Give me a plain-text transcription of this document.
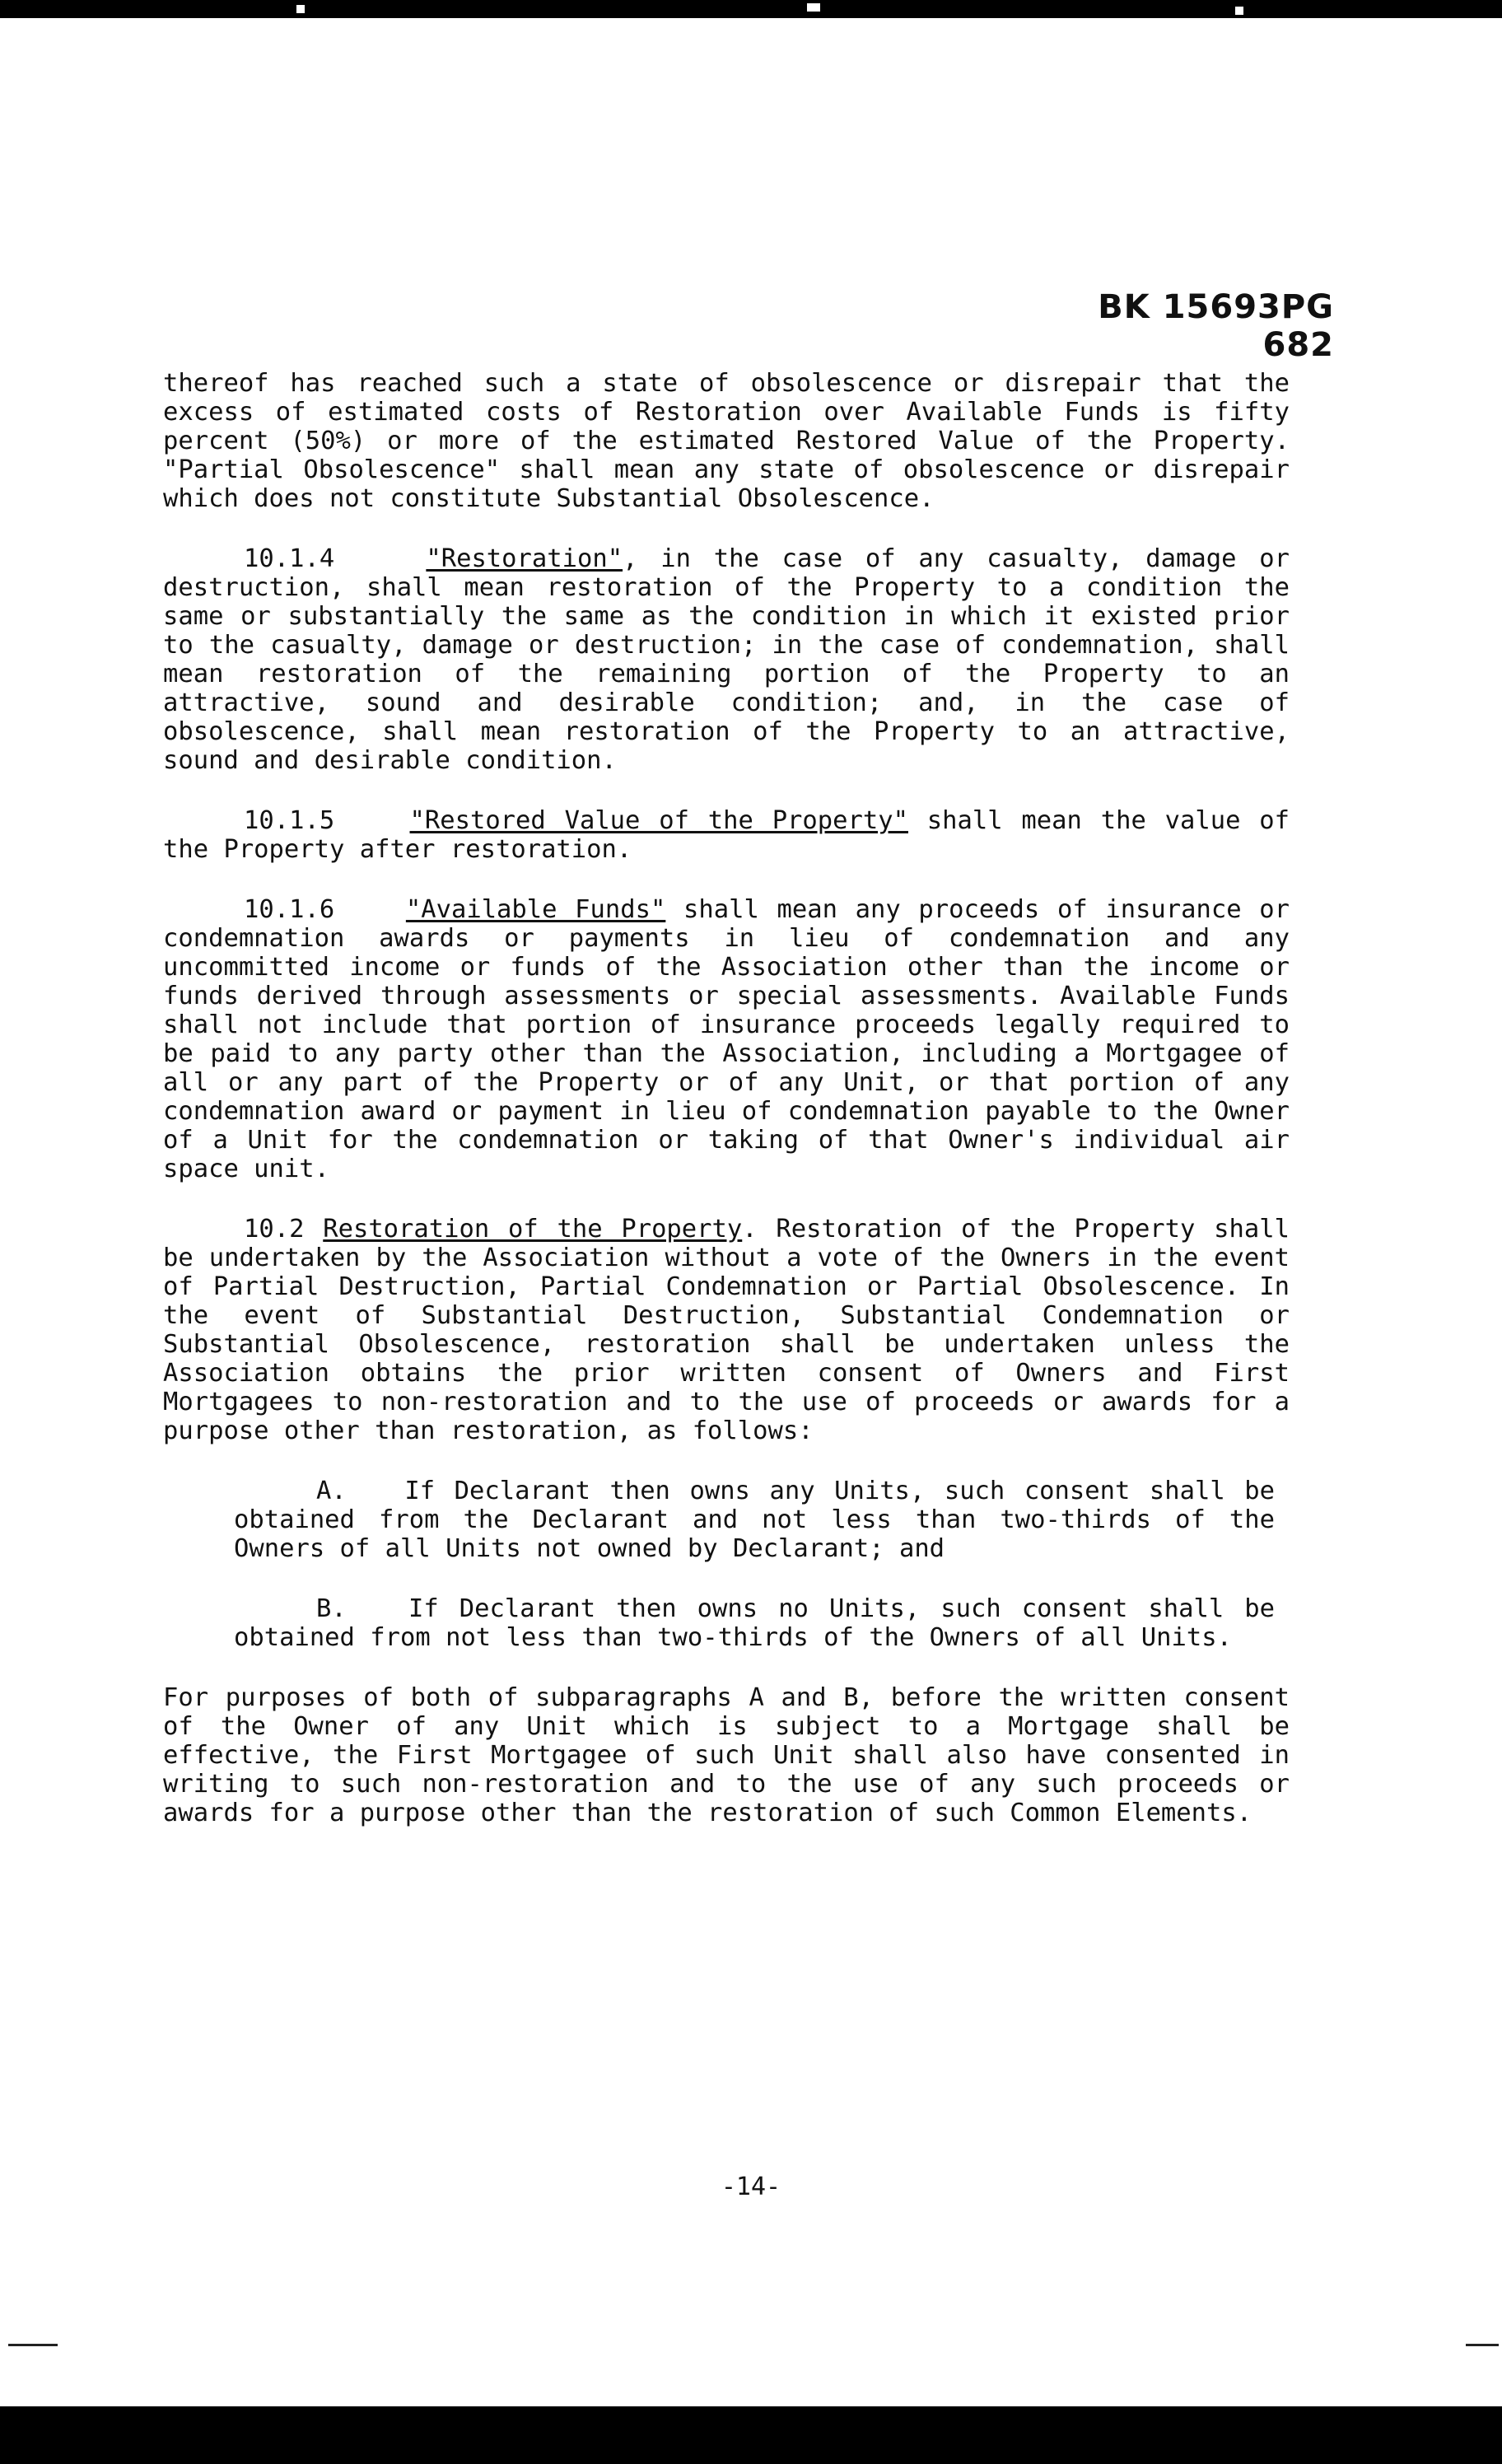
BK 15693PG 682

thereof has reached such a state of obsolescence or disrepair that the excess of estimated costs of Restoration over Available Funds is fifty percent (50%) or more of the estimated Restored Value of the Property. "Partial Obsolescence" shall mean any state of obsolescence or disrepair which does not constitute Substantial Obsolescence.

10.1.4	"Restoration", in the case of any casualty, damage or destruction, shall mean restoration of the Property to a condition the same or substantially the same as the condition in which it existed prior to the casualty, damage or destruction; in the case of condemnation, shall mean restoration of the remaining portion of the Property to an attractive, sound and desirable condition; and, in the case of obsolescence, shall mean restoration of the Property to an attractive, sound and desirable condition.

10.1.5	"Restored Value of the Property" shall mean the value of the Property after restoration.

10.1.6	"Available Funds" shall mean any proceeds of insurance or condemnation awards or payments in lieu of condemnation and any uncommitted income or funds of the Association other than the income or funds derived through assessments or special assessments. Available Funds shall not include that portion of insurance proceeds legally required to be paid to any party other than the Association, including a Mortgagee of all or any part of the Property or of any Unit, or that portion of any condemnation award or payment in lieu of condemnation payable to the Owner of a Unit for the condemnation or taking of that Owner's individual air space unit.

10.2 Restoration of the Property. Restoration of the Property shall be undertaken by the Association without a vote of the Owners in the event of Partial Destruction, Partial Condemnation or Partial Obsolescence. In the event of Substantial Destruction, Substantial Condemnation or Substantial Obsolescence, restoration shall be undertaken unless the Association obtains the prior written consent of Owners and First Mortgagees to non-restoration and to the use of proceeds or awards for a purpose other than restoration, as follows:

A. If Declarant then owns any Units, such consent shall be obtained from the Declarant and not less than two-thirds of the Owners of all Units not owned by Declarant; and

B. If Declarant then owns no Units, such consent shall be obtained from not less than two-thirds of the Owners of all Units.

For purposes of both of subparagraphs A and B, before the written consent of the Owner of any Unit which is subject to a Mortgage shall be effective, the First Mortgagee of such Unit shall also have consented in writing to such non-restoration and to the use of any such proceeds or awards for a purpose other than the restoration of such Common Elements.

-14-
